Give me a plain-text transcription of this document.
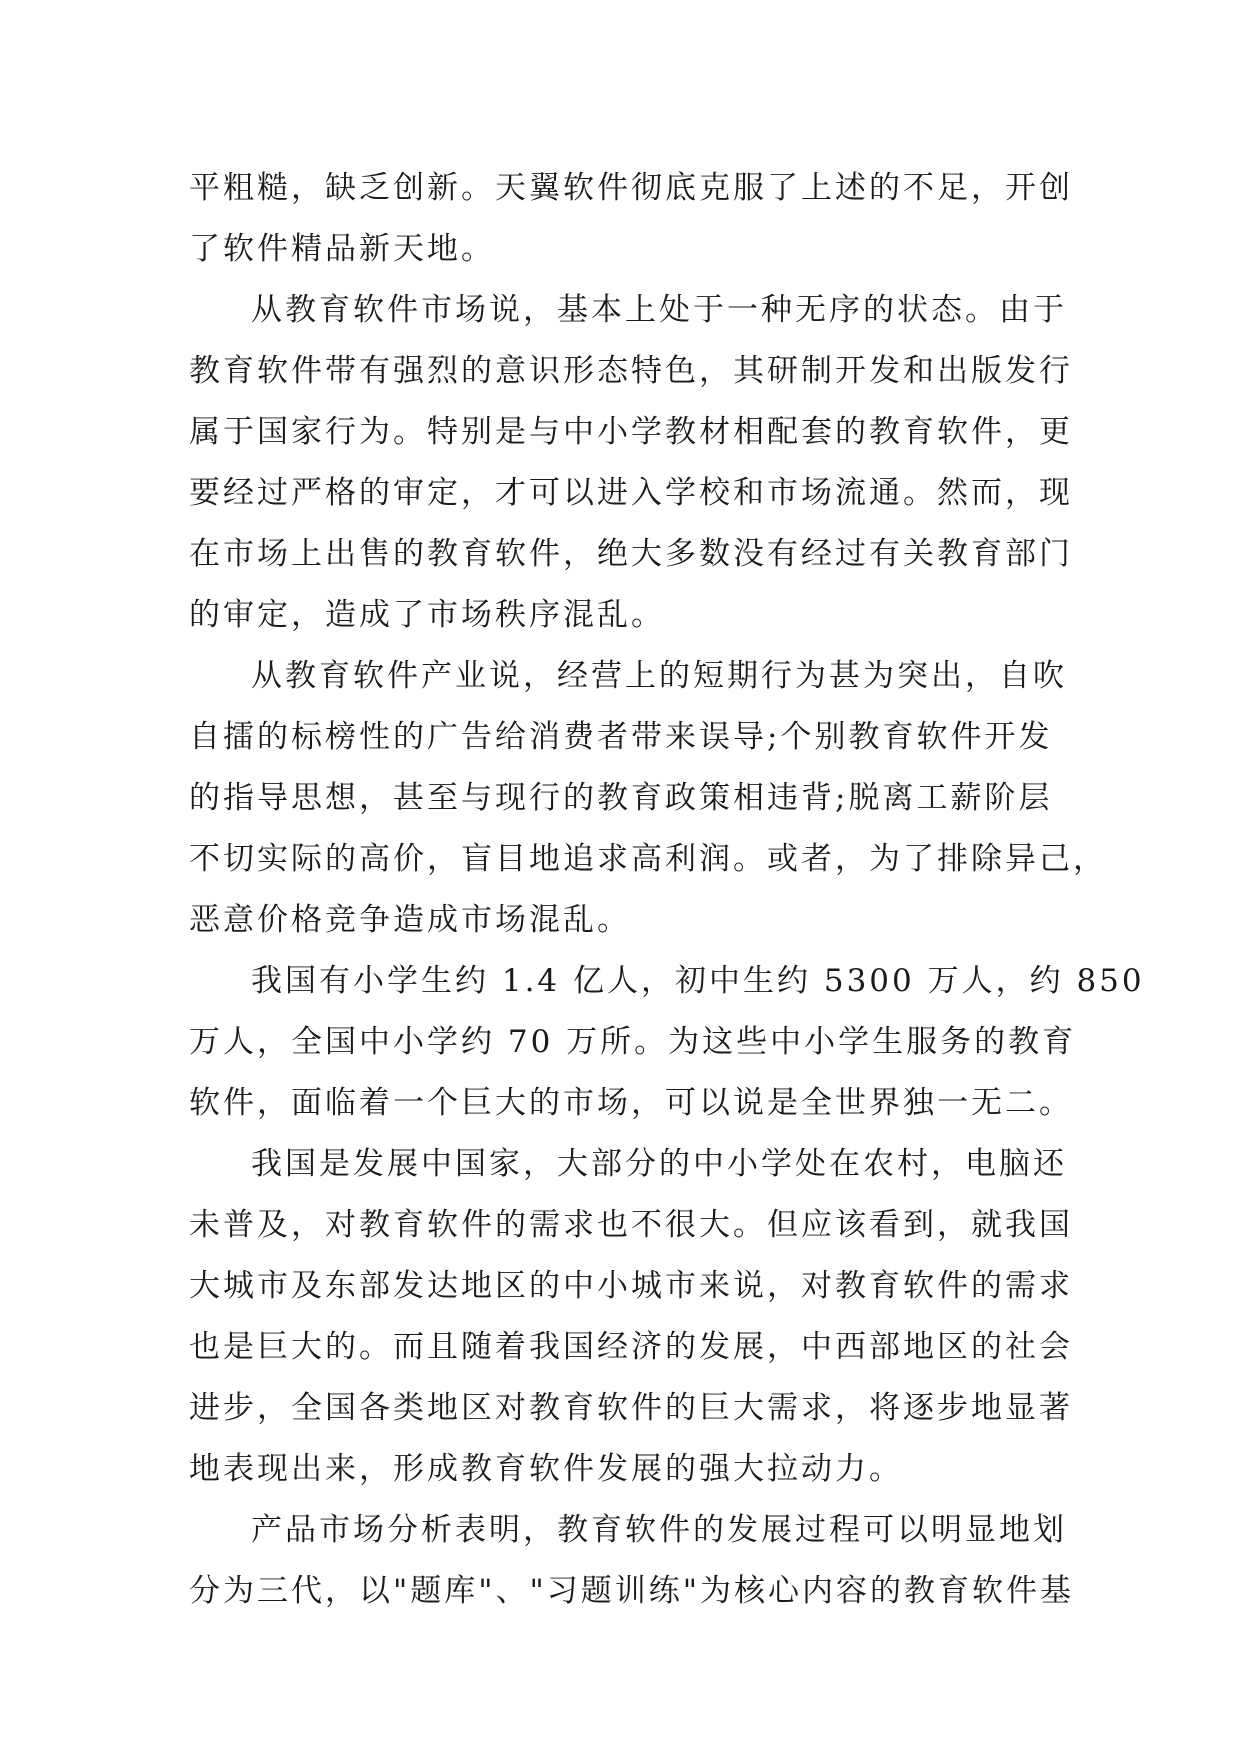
平粗糙，缺乏创新。天翼软件彻底克服了上述的不足，开创
了软件精品新天地。
从教育软件市场说，基本上处于一种无序的状态。由于
教育软件带有强烈的意识形态特色，其研制开发和出版发行
属于国家行为。特别是与中小学教材相配套的教育软件，更
要经过严格的审定，才可以进入学校和市场流通。然而，现
在市场上出售的教育软件，绝大多数没有经过有关教育部门
的审定，造成了市场秩序混乱。
从教育软件产业说，经营上的短期行为甚为突出，自吹
自擂的标榜性的广告给消费者带来误导;个别教育软件开发
的指导思想，甚至与现行的教育政策相违背;脱离工薪阶层
不切实际的高价，盲目地追求高利润。或者，为了排除异己，
恶意价格竞争造成市场混乱。
我国有小学生约 1.4 亿人，初中生约 5300 万人，约 850
万人，全国中小学约 70 万所。为这些中小学生服务的教育
软件，面临着一个巨大的市场，可以说是全世界独一无二。
我国是发展中国家，大部分的中小学处在农村，电脑还
未普及，对教育软件的需求也不很大。但应该看到，就我国
大城市及东部发达地区的中小城市来说，对教育软件的需求
也是巨大的。而且随着我国经济的发展，中西部地区的社会
进步，全国各类地区对教育软件的巨大需求，将逐步地显著
地表现出来，形成教育软件发展的强大拉动力。
产品市场分析表明，教育软件的发展过程可以明显地划
分为三代，以"题库"、"习题训练"为核心内容的教育软件基
